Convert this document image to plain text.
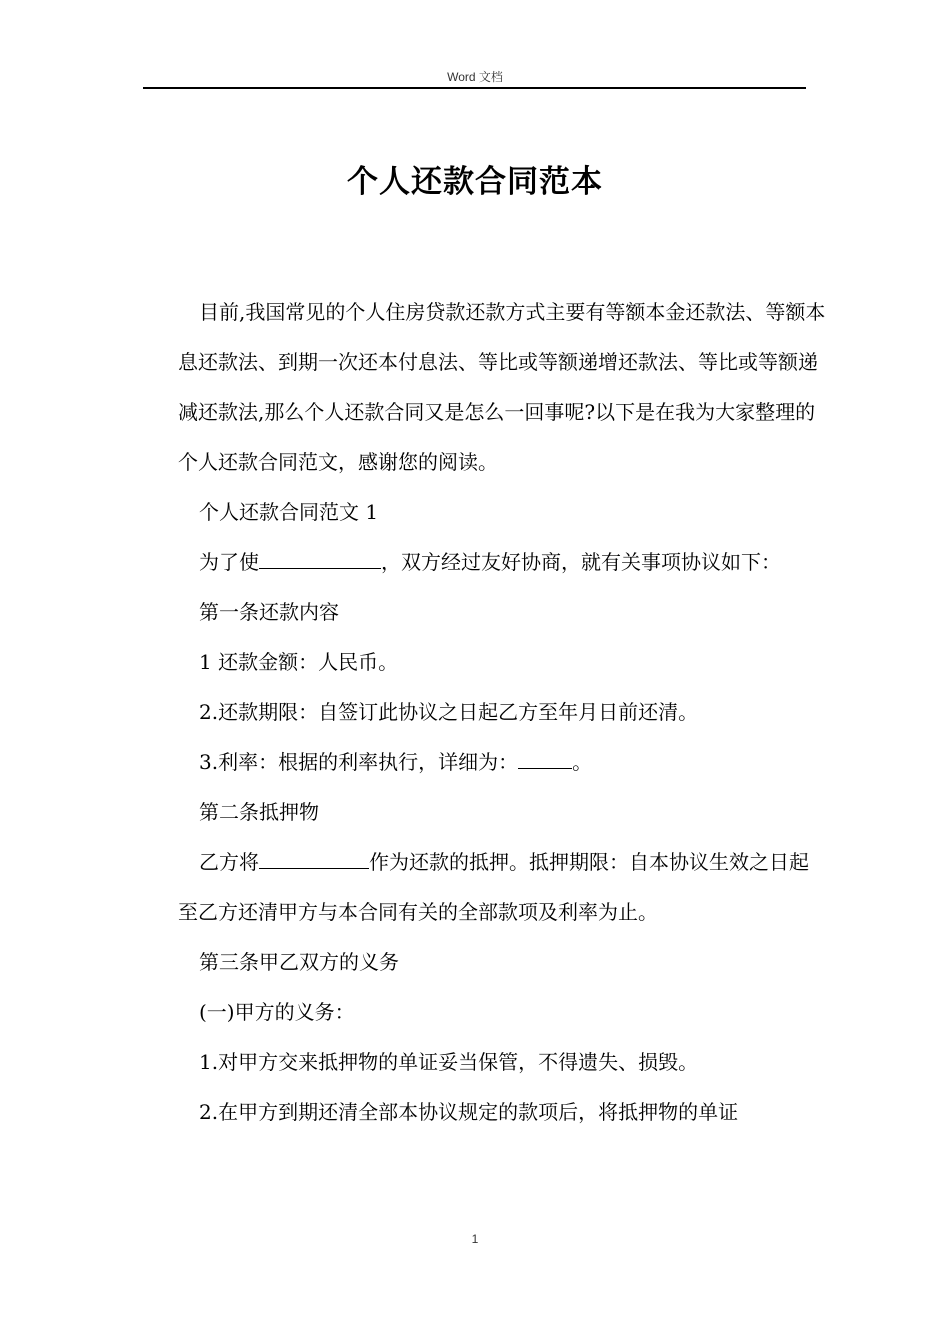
Word 文档
个人还款合同范本

目前,我国常见的个人住房贷款还款方式主要有等额本金还款法、等额本息还款法、到期一次还本付息法、等比或等额递增还款法、等比或等额递减还款法,那么个人还款合同又是怎么一回事呢?以下是在我为大家整理的个人还款合同范文，感谢您的阅读。

个人还款合同范文 1

为了使	，双方经过友好协商，就有关事项协议如下：

第一条还款内容

1 还款金额：人民币。

2.还款期限：自签订此协议之日起乙方至年月日前还清。

3.利率：根据的利率执行，详细为：	。

第二条抵押物

乙方将	作为还款的抵押。抵押期限：自本协议生效之日起至乙方还清甲方与本合同有关的全部款项及利率为止。

第三条甲乙双方的义务

(一)甲方的义务：

1.对甲方交来抵押物的单证妥当保管，不得遗失、损毁。

2.在甲方到期还清全部本协议规定的款项后，将抵押物的单证

1
